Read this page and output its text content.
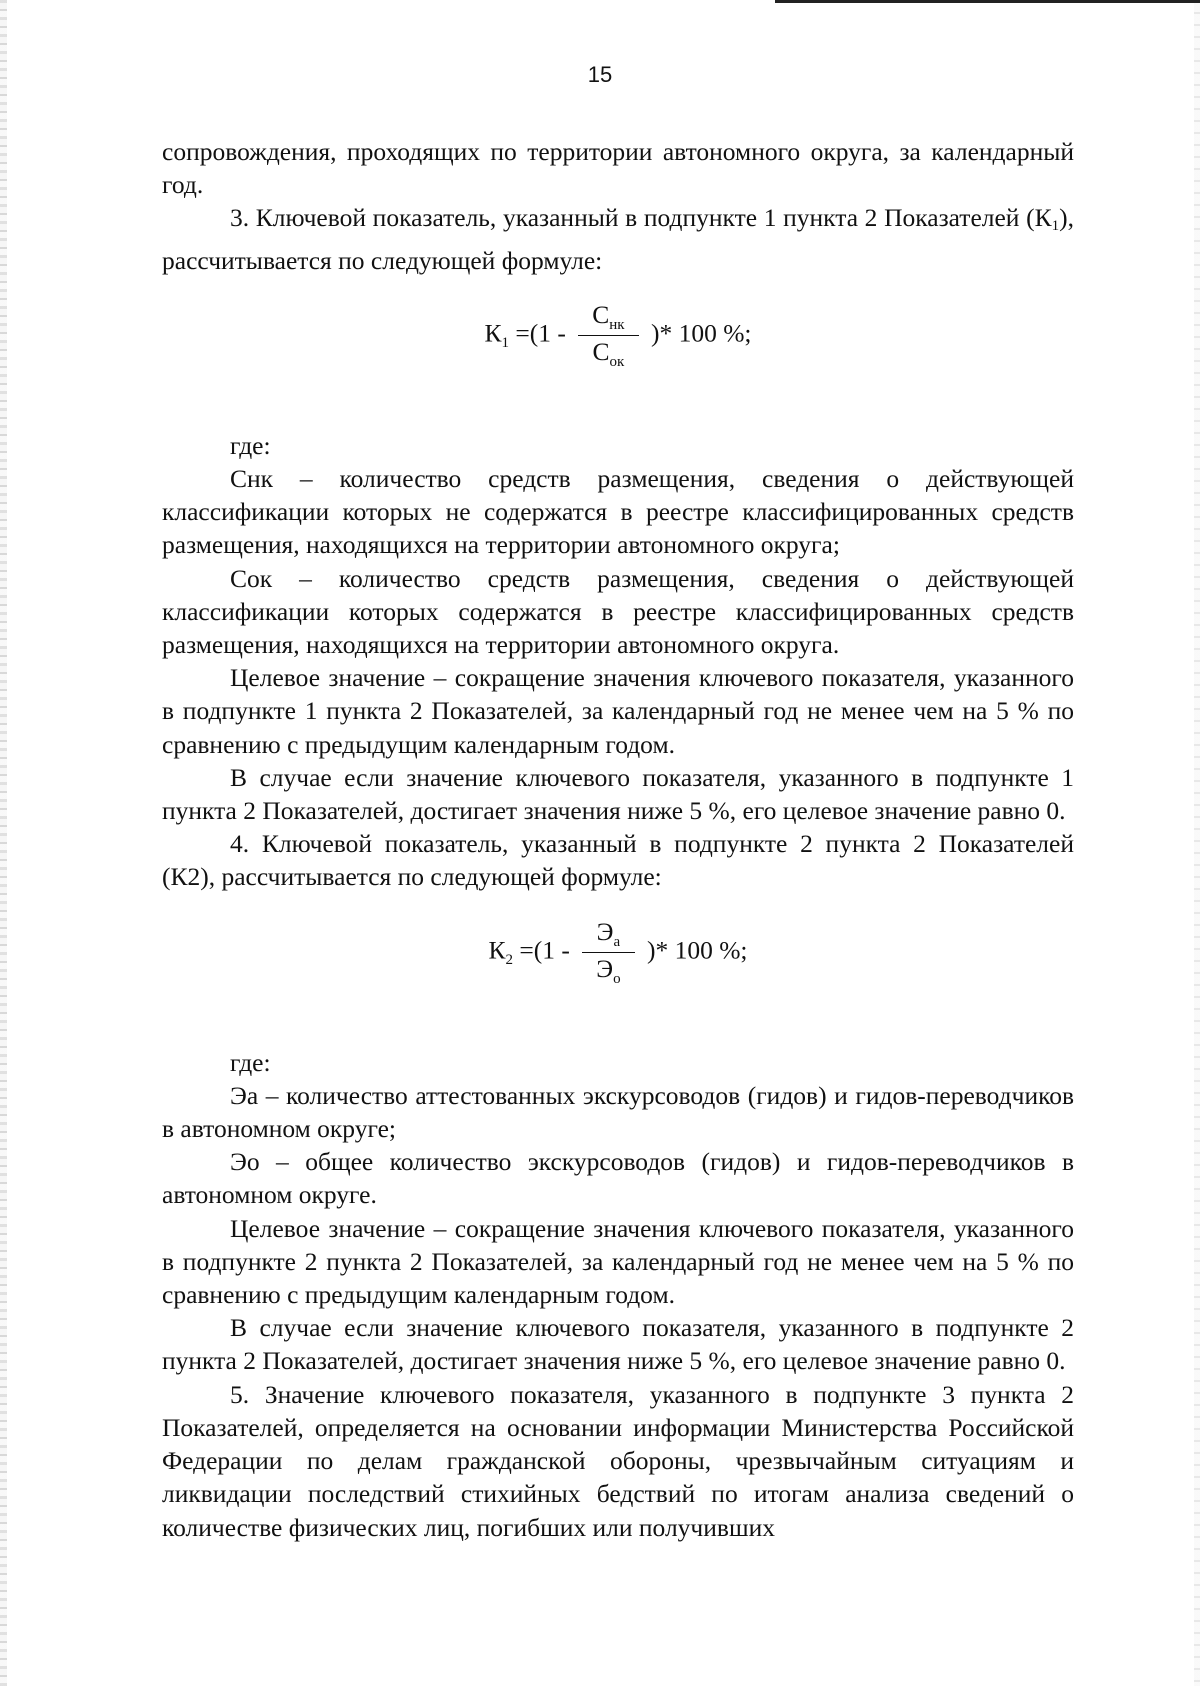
15

сопровождения, проходящих по территории автономного округа, за календарный год.

3. Ключевой показатель, указанный в подпункте 1 пункта 2 Показателей $(К_1)$, рассчитывается по следующей формуле:

$К_1 =(1 - \frac{С_{нк}}{С_{ок}}$ )* 100 %;

где:

Снк – количество средств размещения, сведения о действующей классификации которых не содержатся в реестре классифицированных средств размещения, находящихся на территории автономного округа;

Сок – количество средств размещения, сведения о действующей классификации которых содержатся в реестре классифицированных средств размещения, находящихся на территории автономного округа.

Целевое значение – сокращение значения ключевого показателя, указанного в подпункте 1 пункта 2 Показателей, за календарный год не менее чем на 5 % по сравнению с предыдущим календарным годом.

В случае если значение ключевого показателя, указанного в подпункте 1 пункта 2 Показателей, достигает значения ниже 5 %, его целевое значение равно 0.

4. Ключевой показатель, указанный в подпункте 2 пункта 2 Показателей (К2), рассчитывается по следующей формуле:

$К_2 =(1 - \frac{Э_а}{Э_о}$ )* 100 %;

где:

Эа – количество аттестованных экскурсоводов (гидов) и гидов-переводчиков в автономном округе;

Эо – общее количество экскурсоводов (гидов) и гидов-переводчиков в автономном округе.

Целевое значение – сокращение значения ключевого показателя, указанного в подпункте 2 пункта 2 Показателей, за календарный год не менее чем на 5 % по сравнению с предыдущим календарным годом.

В случае если значение ключевого показателя, указанного в подпункте 2 пункта 2 Показателей, достигает значения ниже 5 %, его целевое значение равно 0.

5. Значение ключевого показателя, указанного в подпункте 3 пункта 2 Показателей, определяется на основании информации Министерства Российской Федерации по делам гражданской обороны, чрезвычайным ситуациям и ликвидации последствий стихийных бедствий по итогам анализа сведений о количестве физических лиц, погибших или получивших
